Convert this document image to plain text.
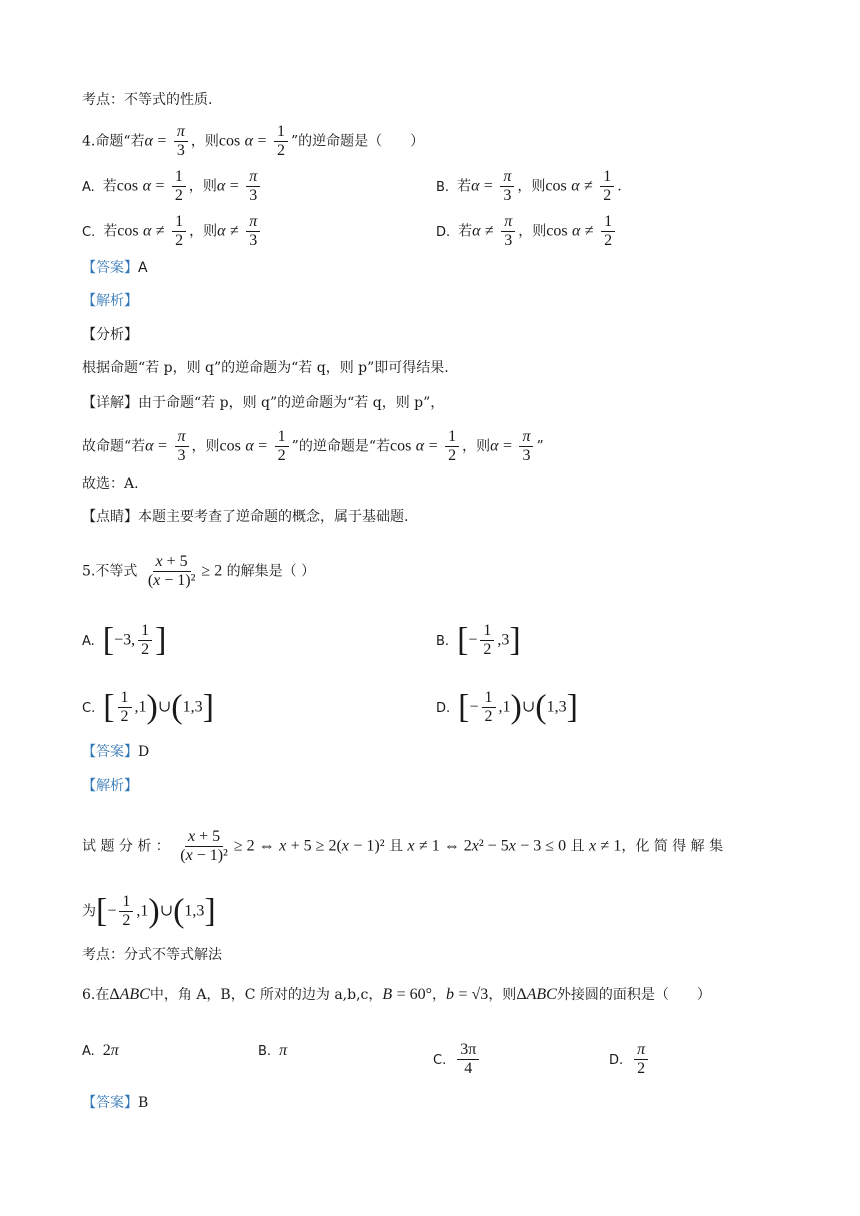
考点：不等式的性质.
4.命题“若$\alpha = \frac{\pi}{3}$ ，则$\cos \alpha = \frac{1}{2}$ ”的逆命题是（　　）
A. 若$\cos \alpha = \frac{1}{2}$ ，则$\alpha = \frac{\pi}{3}$	B. 若$\alpha = \frac{\pi}{3}$ ，则$\cos \alpha \ne \frac{1}{2}$ .
C. 若$\cos \alpha \ne \frac{1}{2}$ ，则$\alpha \ne \frac{\pi}{3}$	D. 若$\alpha \ne \frac{\pi}{3}$ ，则$\cos \alpha \ne \frac{1}{2}$
【答案】A
【解析】
【分析】
根据命题“若 p，则 q”的逆命题为“若 q，则 p”即可得结果.
【详解】由于命题“若 p，则 q”的逆命题为“若 q，则 p”，
故命题“若$\alpha = \frac{\pi}{3}$ ，则$\cos \alpha = \frac{1}{2}$ ”的逆命题是“若$\cos \alpha = \frac{1}{2}$ ，则$\alpha = \frac{\pi}{3}$ ”
故选：A.
【点睛】本题主要考查了逆命题的概念，属于基础题.
5.不等式 $\frac{x + 5}{\text{(x − 1)²}} \ge 2$ 的解集是（ ）
A. [−3, $\frac{1}{2}$ ]	B. [− $\frac{1}{2} ,3$]
C. [ $\frac{1}{2}$ ,1)∪(1,3]	D. [− $\frac{1}{2}$ ,1)∪(1,3]
【答案】D
【解析】
试 题 分 析 ： $\frac{x + 5}{\text{(x − 1)²}} \ge 2$ ⇔ x + 5 ≥ 2(x − 1)² 且 x ≠ 1 ⇔ 2x² − 5x − 3 ≤ 0 且 x ≠ 1，化 简 得 解 集
为[− $\frac{1}{2}$ ,1)∪(1,3]
考点：分式不等式解法
6.在ΔABC中，角 A，B，C 所对的边为 a,b,c，B = 60°，b = √3，则ΔABC外接圆的面积是（　　）
A. 2π	B. π
C. $\frac{3\pi}{4}$	D. $\frac{\pi}{2}$
【答案】B
